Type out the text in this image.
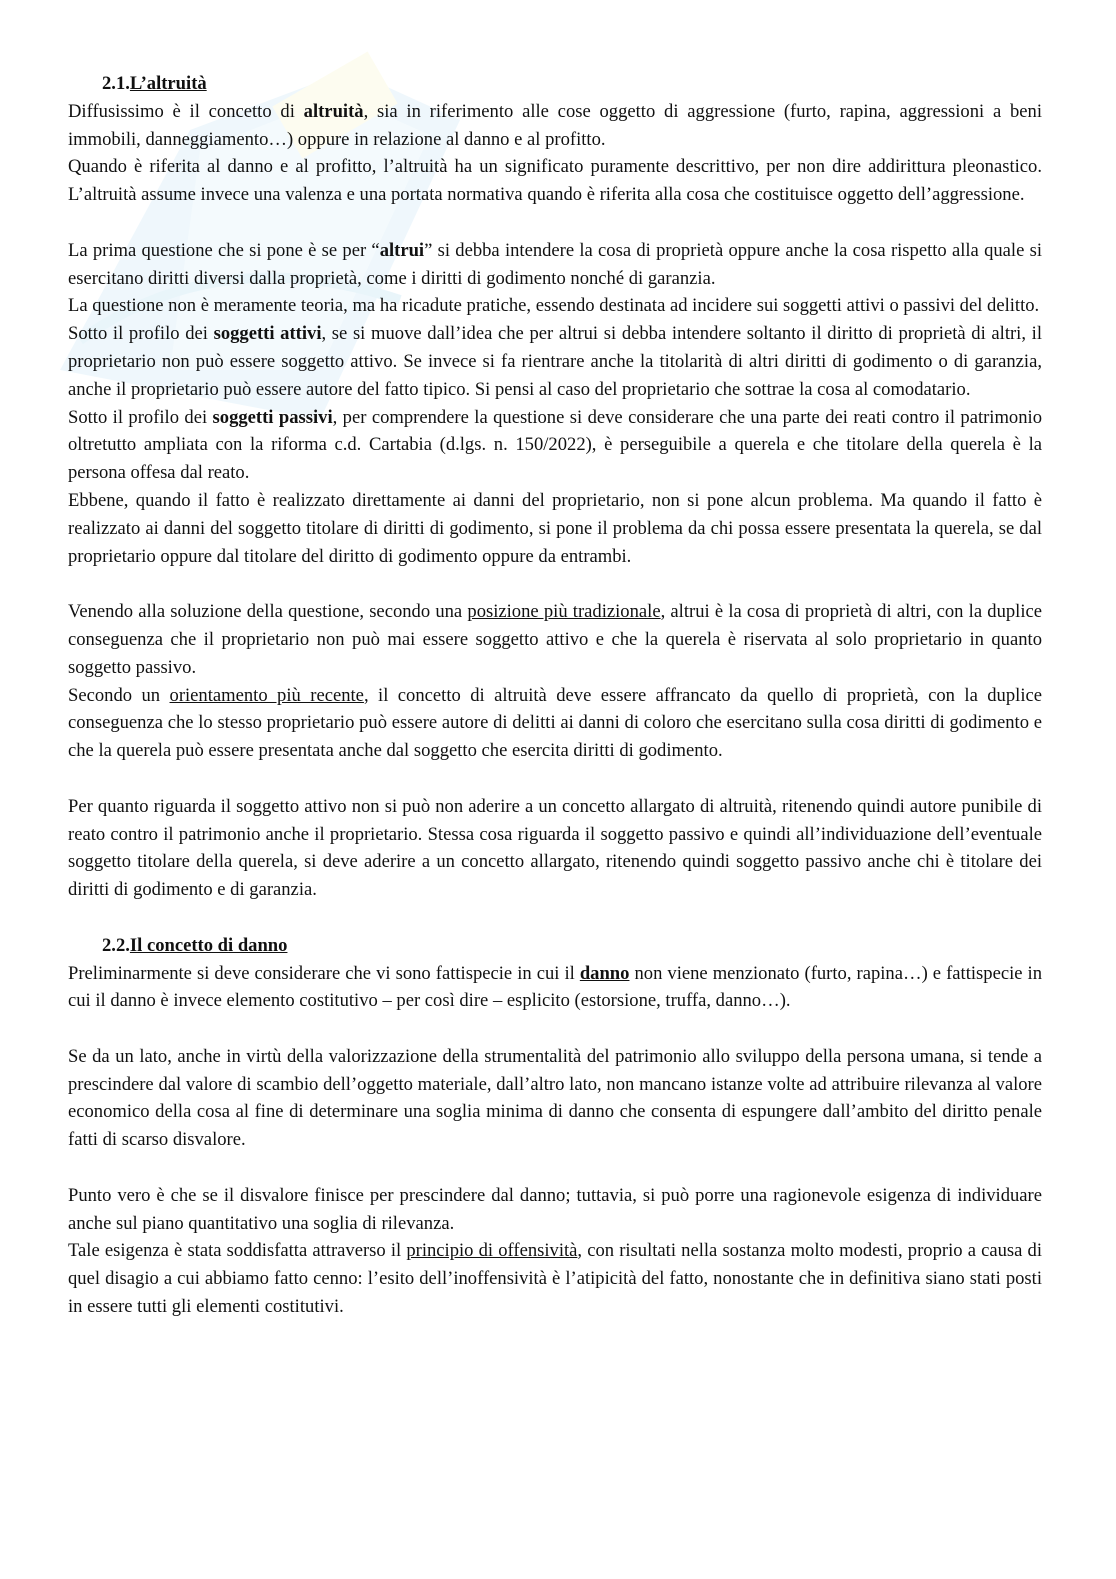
2.1.L’altruità

Diffusissimo è il concetto di altruità, sia in riferimento alle cose oggetto di aggressione (furto, rapina, aggressioni a beni immobili, danneggiamento…) oppure in relazione al danno e al profitto.

Quando è riferita al danno e al profitto, l’altruità ha un significato puramente descrittivo, per non dire addirittura pleonastico. L’altruità assume invece una valenza e una portata normativa quando è riferita alla cosa che costituisce oggetto dell’aggressione.

La prima questione che si pone è se per “altrui” si debba intendere la cosa di proprietà oppure anche la cosa rispetto alla quale si esercitano diritti diversi dalla proprietà, come i diritti di godimento nonché di garanzia.

La questione non è meramente teoria, ma ha ricadute pratiche, essendo destinata ad incidere sui soggetti attivi o passivi del delitto.

Sotto il profilo dei soggetti attivi, se si muove dall’idea che per altrui si debba intendere soltanto il diritto di proprietà di altri, il proprietario non può essere soggetto attivo. Se invece si fa rientrare anche la titolarità di altri diritti di godimento o di garanzia, anche il proprietario può essere autore del fatto tipico. Si pensi al caso del proprietario che sottrae la cosa al comodatario.

Sotto il profilo dei soggetti passivi, per comprendere la questione si deve considerare che una parte dei reati contro il patrimonio oltretutto ampliata con la riforma c.d. Cartabia (d.lgs. n. 150/2022), è perseguibile a querela e che titolare della querela è la persona offesa dal reato.

Ebbene, quando il fatto è realizzato direttamente ai danni del proprietario, non si pone alcun problema. Ma quando il fatto è realizzato ai danni del soggetto titolare di diritti di godimento, si pone il problema da chi possa essere presentata la querela, se dal proprietario oppure dal titolare del diritto di godimento oppure da entrambi.

Venendo alla soluzione della questione, secondo una posizione più tradizionale, altrui è la cosa di proprietà di altri, con la duplice conseguenza che il proprietario non può mai essere soggetto attivo e che la querela è riservata al solo proprietario in quanto soggetto passivo.

Secondo un orientamento più recente, il concetto di altruità deve essere affrancato da quello di proprietà, con la duplice conseguenza che lo stesso proprietario può essere autore di delitti ai danni di coloro che esercitano sulla cosa diritti di godimento e che la querela può essere presentata anche dal soggetto che esercita diritti di godimento.

Per quanto riguarda il soggetto attivo non si può non aderire a un concetto allargato di altruità, ritenendo quindi autore punibile di reato contro il patrimonio anche il proprietario. Stessa cosa riguarda il soggetto passivo e quindi all’individuazione dell’eventuale soggetto titolare della querela, si deve aderire a un concetto allargato, ritenendo quindi soggetto passivo anche chi è titolare dei diritti di godimento e di garanzia.

2.2.Il concetto di danno

Preliminarmente si deve considerare che vi sono fattispecie in cui il danno non viene menzionato (furto, rapina…) e fattispecie in cui il danno è invece elemento costitutivo – per così dire – esplicito (estorsione, truffa, danno…).

Se da un lato, anche in virtù della valorizzazione della strumentalità del patrimonio allo sviluppo della persona umana, si tende a prescindere dal valore di scambio dell’oggetto materiale, dall’altro lato, non mancano istanze volte ad attribuire rilevanza al valore economico della cosa al fine di determinare una soglia minima di danno che consenta di espungere dall’ambito del diritto penale fatti di scarso disvalore.

Punto vero è che se il disvalore finisce per prescindere dal danno; tuttavia, si può porre una ragionevole esigenza di individuare anche sul piano quantitativo una soglia di rilevanza.

Tale esigenza è stata soddisfatta attraverso il principio di offensività, con risultati nella sostanza molto modesti, proprio a causa di quel disagio a cui abbiamo fatto cenno: l’esito dell’inoffensività è l’atipicità del fatto, nonostante che in definitiva siano stati posti in essere tutti gli elementi costitutivi.
